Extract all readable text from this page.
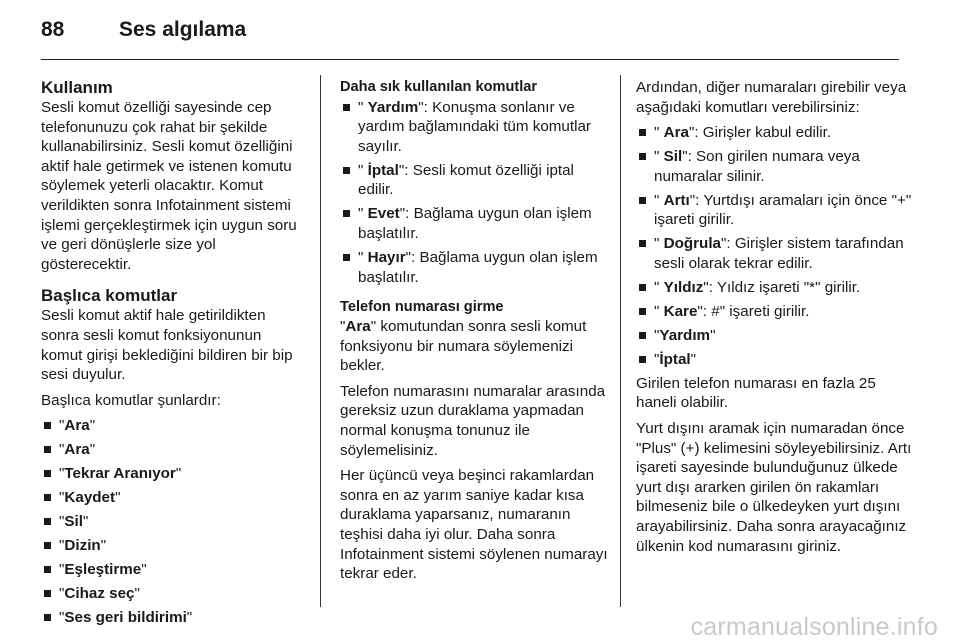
88	Ses algılama
Kullanım

Sesli komut özelliği sayesinde cep telefonunuzu çok rahat bir şekilde kullanabilirsiniz. Sesli komut özelliğini aktif hale getirmek ve istenen komutu söylemek yeterli olacaktır. Komut verildikten sonra Infotainment sistemi işlemi gerçekleştirmek için uygun soru ve geri dönüşlerle size yol gösterecektir.

Başlıca komutlar

Sesli komut aktif hale getirildikten sonra sesli komut fonksiyonunun komut girişi beklediğini bildiren bir bip sesi duyulur.

Başlıca komutlar şunlardır:

"Ara"
"Ara"
"Tekrar Aranıyor"
"Kaydet"
"Sil"
"Dizin"
"Eşleştirme"
"Cihaz seç"
"Ses geri bildirimi"
Daha sık kullanılan komutlar
" Yardım": Konuşma sonlanır ve yardım bağlamındaki tüm komutlar sayılır.
" İptal": Sesli komut özelliği iptal edilir.
" Evet": Bağlama uygun olan işlem başlatılır.
" Hayır": Bağlama uygun olan işlem başlatılır.
Telefon numarası girme

"Ara" komutundan sonra sesli komut fonksiyonu bir numara söylemenizi bekler.

Telefon numarasını numaralar arasında gereksiz uzun duraklama yapmadan normal konuşma tonunuz ile söylemelisiniz.

Her üçüncü veya beşinci rakamlardan sonra en az yarım saniye kadar kısa duraklama yaparsanız, numaranın teşhisi daha iyi olur. Daha sonra Infotainment sistemi söylenen numarayı tekrar eder.

Ardından, diğer numaraları girebilir veya aşağıdaki komutları verebilirsiniz:

" Ara": Girişler kabul edilir.
" Sil": Son girilen numara veya numaralar silinir.
" Artı": Yurtdışı aramaları için önce "+" işareti girilir.
" Doğrula": Girişler sistem tarafından sesli olarak tekrar edilir.
" Yıldız": Yıldız işareti "*" girilir.
" Kare": #" işareti girilir.
"Yardım"
"İptal"

Girilen telefon numarası en fazla 25 haneli olabilir.

Yurt dışını aramak için numaradan önce "Plus" (+) kelimesini söyleyebilirsiniz. Artı işareti sayesinde bulunduğunuz ülkede yurt dışı ararken girilen ön rakamları bilmeseniz bile o ülkedeyken yurt dışını arayabilirsiniz. Daha sonra arayacağınız ülkenin kod numarasını giriniz.

carmanualsonline.info
